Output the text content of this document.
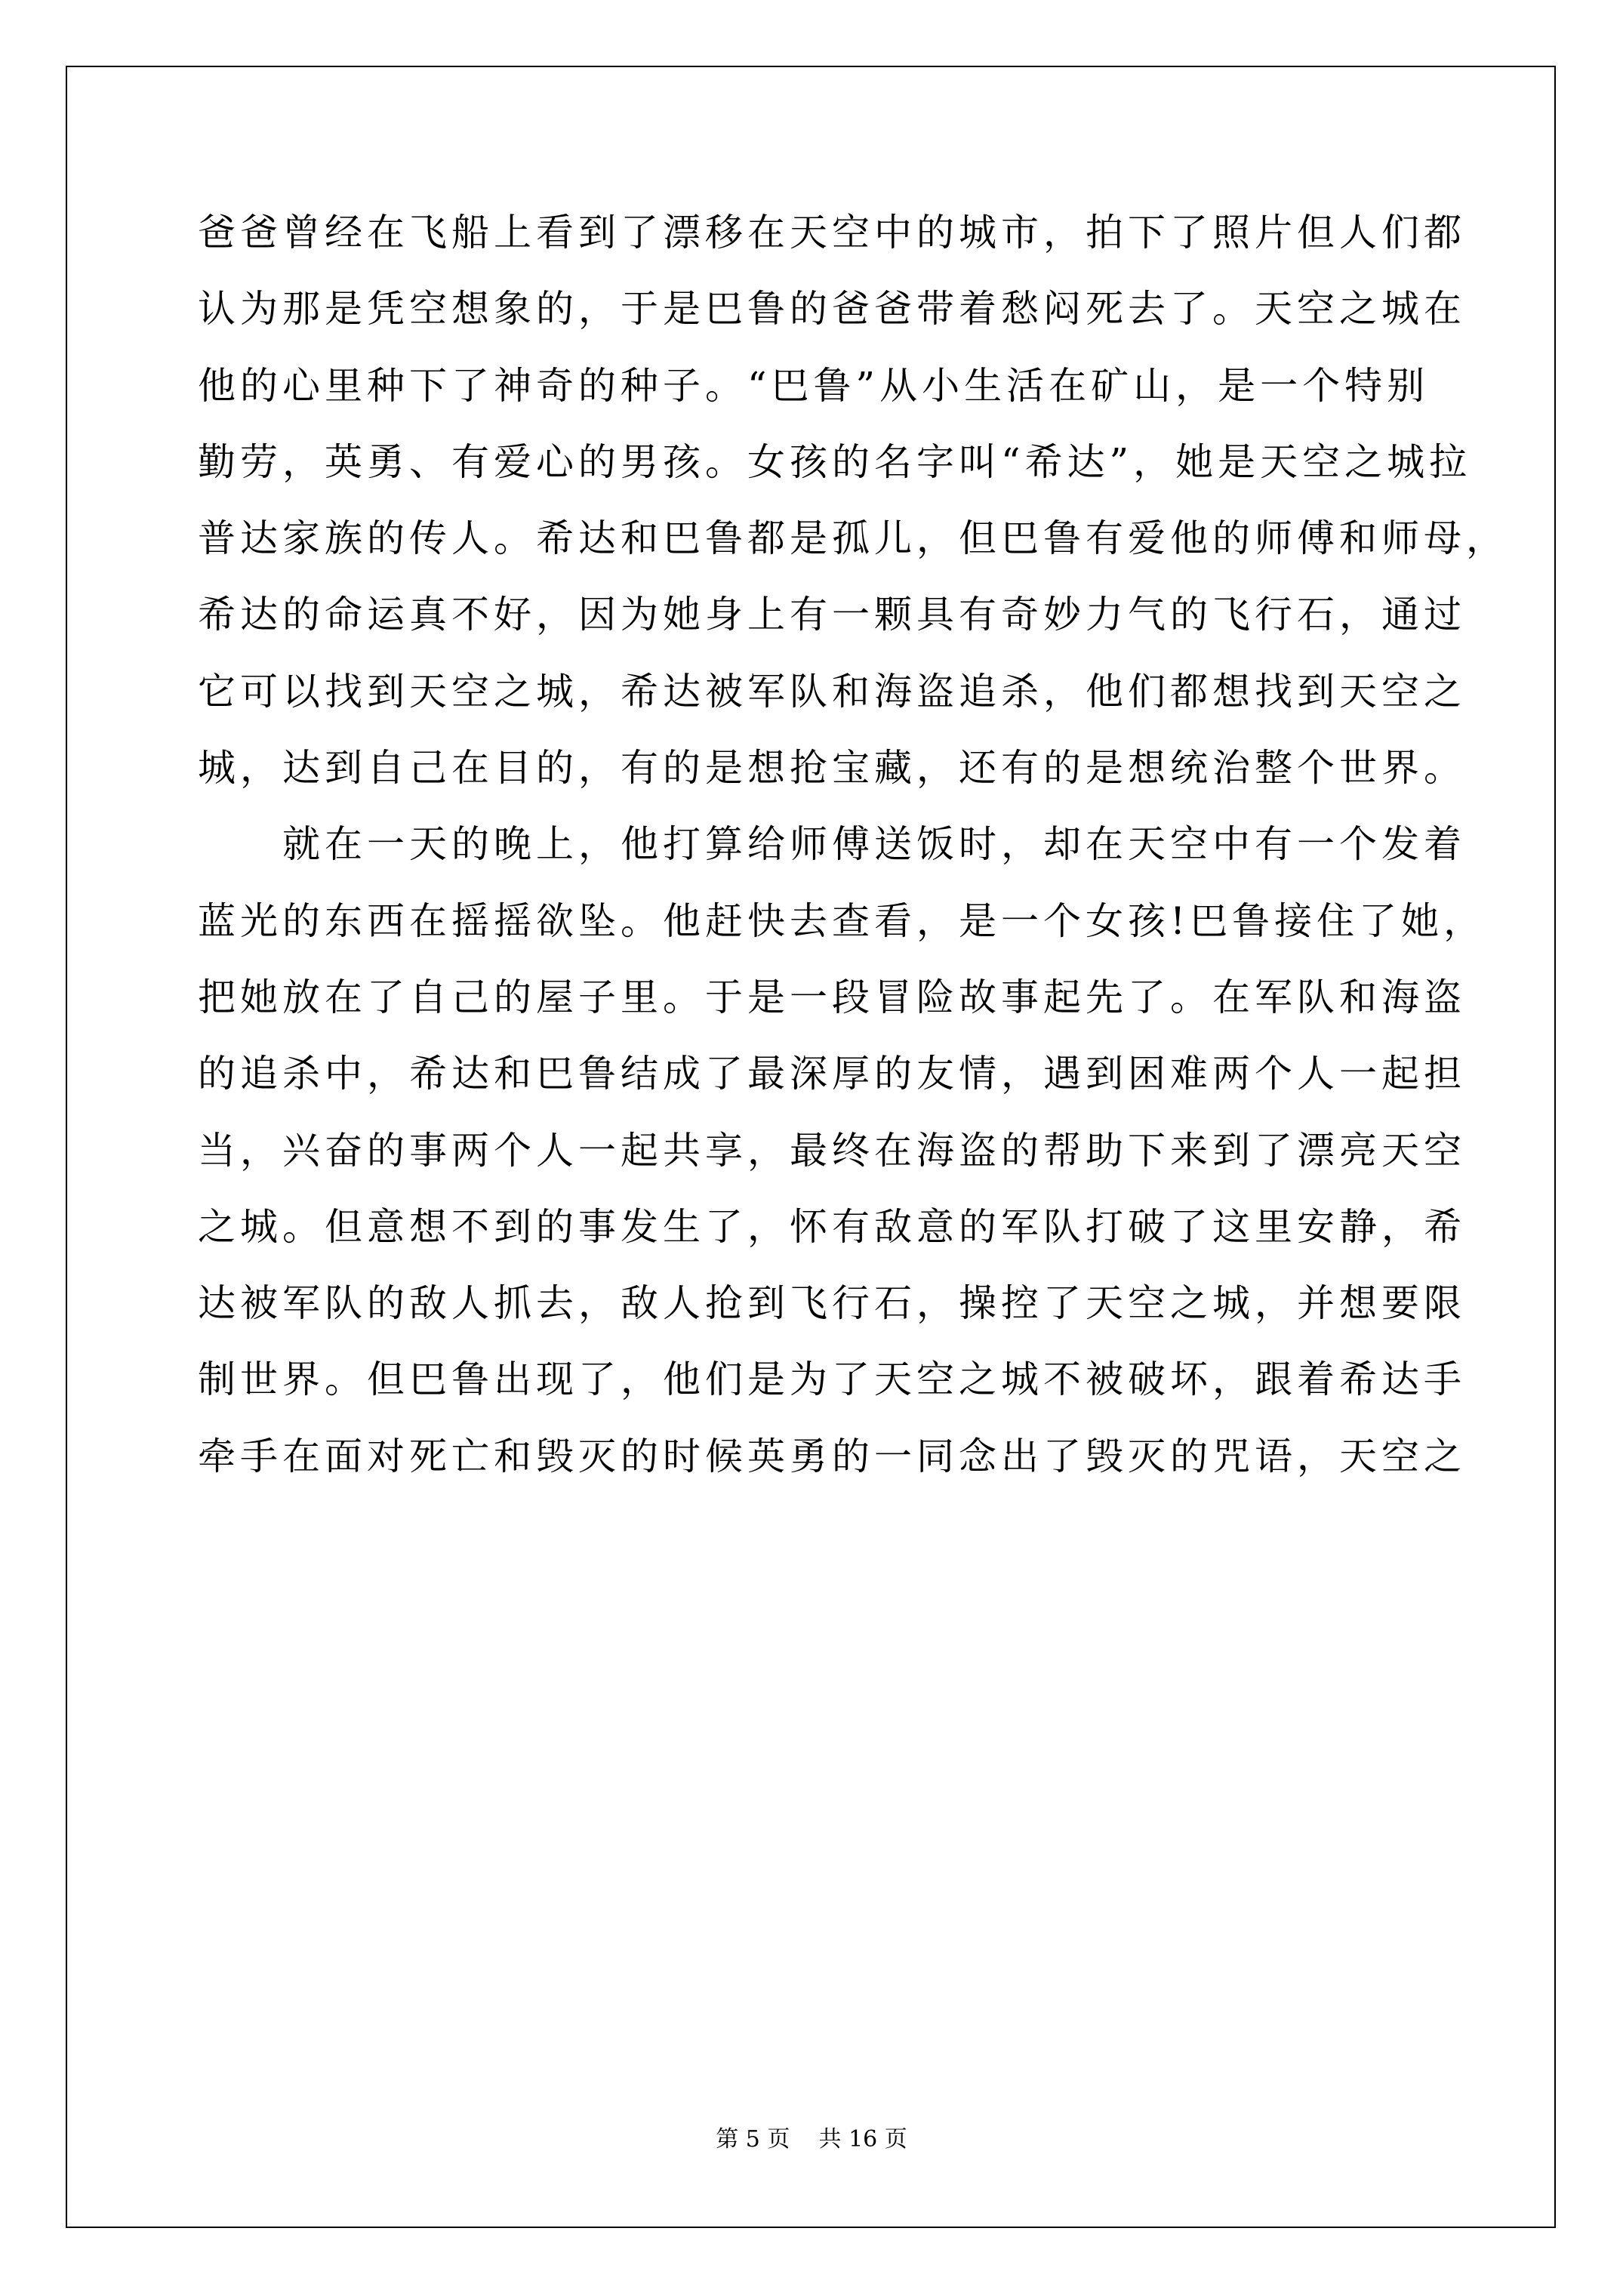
爸爸曾经在飞船上看到了漂移在天空中的城市，拍下了照片但人们都
认为那是凭空想象的，于是巴鲁的爸爸带着愁闷死去了。天空之城在
他的心里种下了神奇的种子。“巴鲁”从小生活在矿山，是一个特别
勤劳，英勇、有爱心的男孩。女孩的名字叫“希达”，她是天空之城拉
普达家族的传人。希达和巴鲁都是孤儿，但巴鲁有爱他的师傅和师母，
希达的命运真不好，因为她身上有一颗具有奇妙力气的飞行石，通过
它可以找到天空之城，希达被军队和海盗追杀，他们都想找到天空之
城，达到自己在目的，有的是想抢宝藏，还有的是想统治整个世界。
就在一天的晚上，他打算给师傅送饭时，却在天空中有一个发着
蓝光的东西在摇摇欲坠。他赶快去查看，是一个女孩!巴鲁接住了她，
把她放在了自己的屋子里。于是一段冒险故事起先了。在军队和海盗
的追杀中，希达和巴鲁结成了最深厚的友情，遇到困难两个人一起担
当，兴奋的事两个人一起共享，最终在海盗的帮助下来到了漂亮天空
之城。但意想不到的事发生了，怀有敌意的军队打破了这里安静，希
达被军队的敌人抓去，敌人抢到飞行石，操控了天空之城，并想要限
制世界。但巴鲁出现了，他们是为了天空之城不被破坏，跟着希达手
牵手在面对死亡和毁灭的时候英勇的一同念出了毁灭的咒语，天空之
第 5 页 共 16 页
